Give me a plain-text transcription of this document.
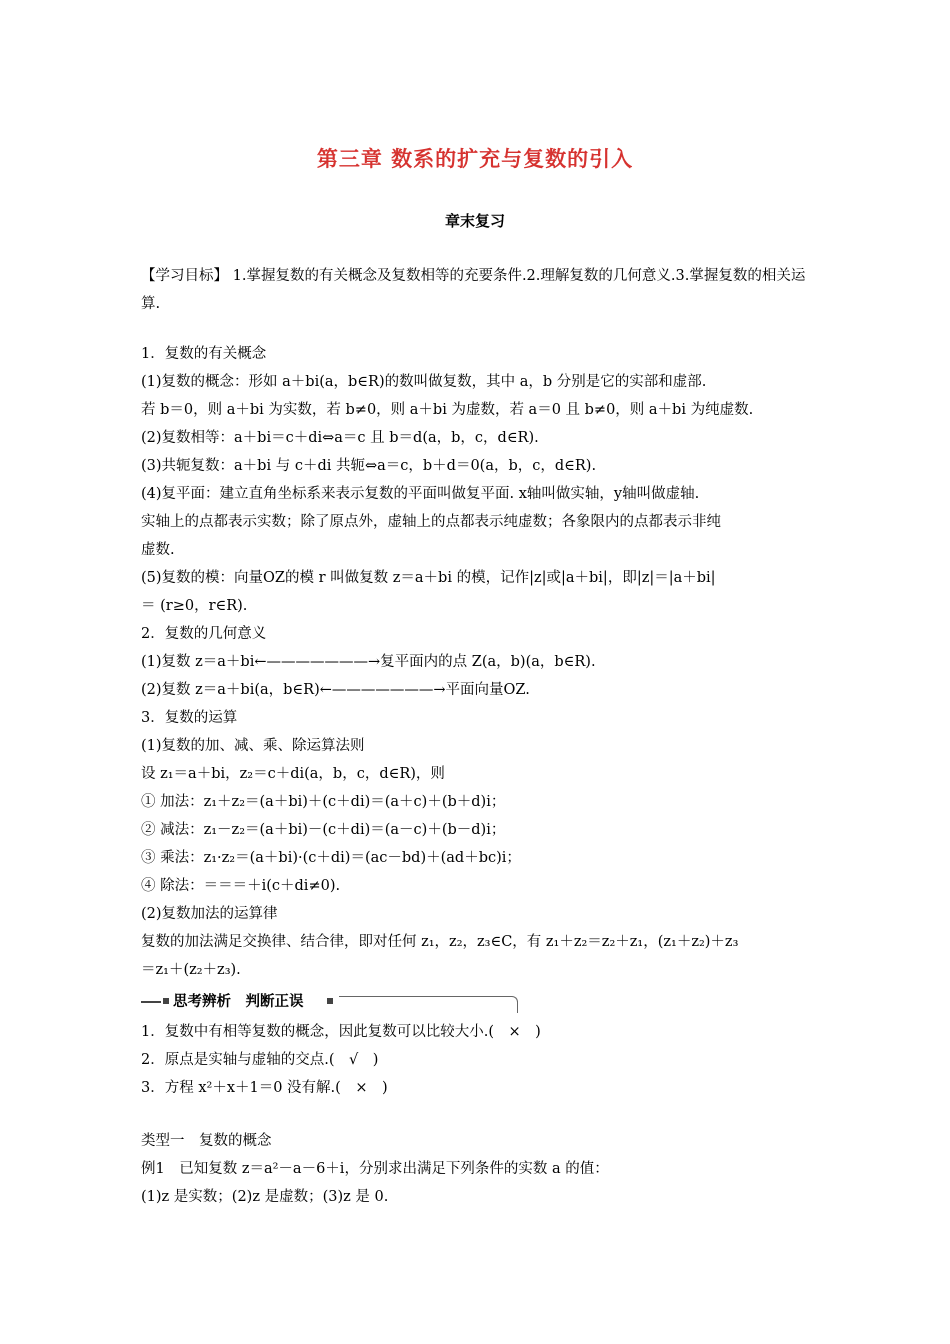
第三章 数系的扩充与复数的引入
章末复习
【学习目标】 1.掌握复数的有关概念及复数相等的充要条件.2.理解复数的几何意义.3.掌握复数的相关运算.
1．复数的有关概念
(1)复数的概念：形如 a＋bi(a，b∈R)的数叫做复数，其中 a，b 分别是它的实部和虚部.
若 b＝0，则 a＋bi 为实数，若 b≠0，则 a＋bi 为虚数，若 a＝0 且 b≠0，则 a＋bi 为纯虚数.
(2)复数相等：a＋bi＝c＋di⇔a＝c 且 b＝d(a，b，c，d∈R).
(3)共轭复数：a＋bi 与 c＋di 共轭⇔a＝c，b＋d＝0(a，b，c，d∈R).
(4)复平面：建立直角坐标系来表示复数的平面叫做复平面. x轴叫做实轴，y轴叫做虚轴.
实轴上的点都表示实数；除了原点外，虚轴上的点都表示纯虚数；各象限内的点都表示非纯
虚数.
(5)复数的模：向量OZ的模 r 叫做复数 z＝a＋bi 的模，记作|z|或|a＋bi|，即|z|＝|a＋bi|
＝ (r≥0，r∈R).
2．复数的几何意义
(1)复数 z＝a＋bi←———————→复平面内的点 Z(a，b)(a，b∈R).
(2)复数 z＝a＋bi(a，b∈R)←———————→平面向量OZ.
3．复数的运算
(1)复数的加、减、乘、除运算法则
设 z₁＝a＋bi，z₂＝c＋di(a，b，c，d∈R)，则
① 加法：z₁＋z₂＝(a＋bi)＋(c＋di)＝(a＋c)＋(b＋d)i；
② 减法：z₁－z₂＝(a＋bi)－(c＋di)＝(a－c)＋(b－d)i；
③ 乘法：z₁·z₂＝(a＋bi)·(c＋di)＝(ac－bd)＋(ad＋bc)i；
④ 除法：＝＝＝＋i(c＋di≠0).
(2)复数加法的运算律
复数的加法满足交换律、结合律，即对任何 z₁，z₂，z₃∈C，有 z₁＋z₂＝z₂＋z₁，(z₁＋z₂)＋z₃
＝z₁＋(z₂＋z₃).
思考辨析　判断正误
1．复数中有相等复数的概念，因此复数可以比较大小.(　×　)
2．原点是实轴与虚轴的交点.(　√　)
3．方程 x²＋x＋1＝0 没有解.(　×　)
类型一　复数的概念
例1　已知复数 z＝a²－a－6＋i，分别求出满足下列条件的实数 a 的值：
(1)z 是实数；(2)z 是虚数；(3)z 是 0.
